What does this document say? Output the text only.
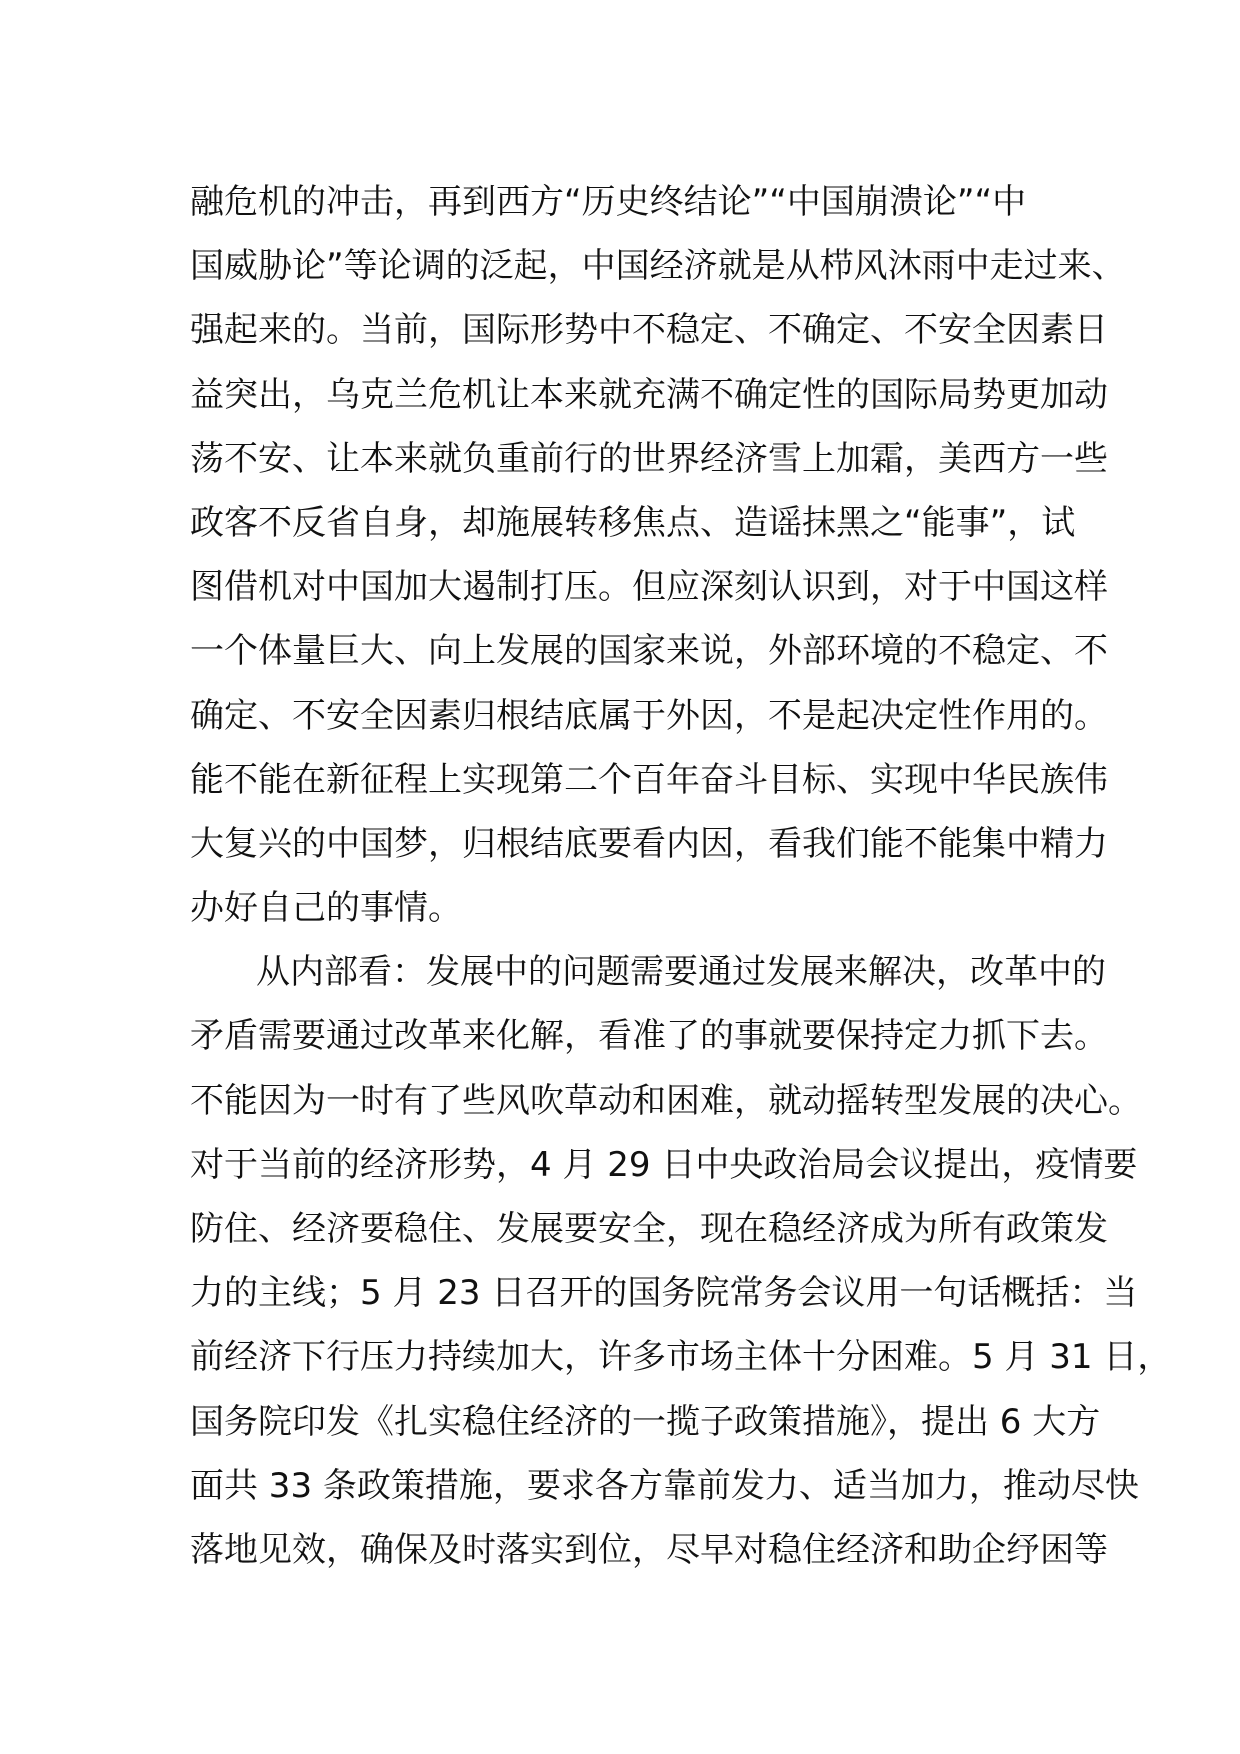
融危机的冲击，再到西方“历史终结论”“中国崩溃论”“中
国威胁论”等论调的泛起，中国经济就是从栉风沐雨中走过来、
强起来的。当前，国际形势中不稳定、不确定、不安全因素日
益突出，乌克兰危机让本来就充满不确定性的国际局势更加动
荡不安、让本来就负重前行的世界经济雪上加霜，美西方一些
政客不反省自身，却施展转移焦点、造谣抹黑之“能事”，试
图借机对中国加大遏制打压。但应深刻认识到，对于中国这样
一个体量巨大、向上发展的国家来说，外部环境的不稳定、不
确定、不安全因素归根结底属于外因，不是起决定性作用的。
能不能在新征程上实现第二个百年奋斗目标、实现中华民族伟
大复兴的中国梦，归根结底要看内因，看我们能不能集中精力
办好自己的事情。
从内部看：发展中的问题需要通过发展来解决，改革中的
矛盾需要通过改革来化解，看准了的事就要保持定力抓下去。
不能因为一时有了些风吹草动和困难，就动摇转型发展的决心。
对于当前的经济形势，4 月 29 日中央政治局会议提出，疫情要
防住、经济要稳住、发展要安全，现在稳经济成为所有政策发
力的主线；5 月 23 日召开的国务院常务会议用一句话概括：当
前经济下行压力持续加大，许多市场主体十分困难。5 月 31 日，
国务院印发《扎实稳住经济的一揽子政策措施》，提出 6 大方
面共 33 条政策措施，要求各方靠前发力、适当加力，推动尽快
落地见效，确保及时落实到位，尽早对稳住经济和助企纾困等
